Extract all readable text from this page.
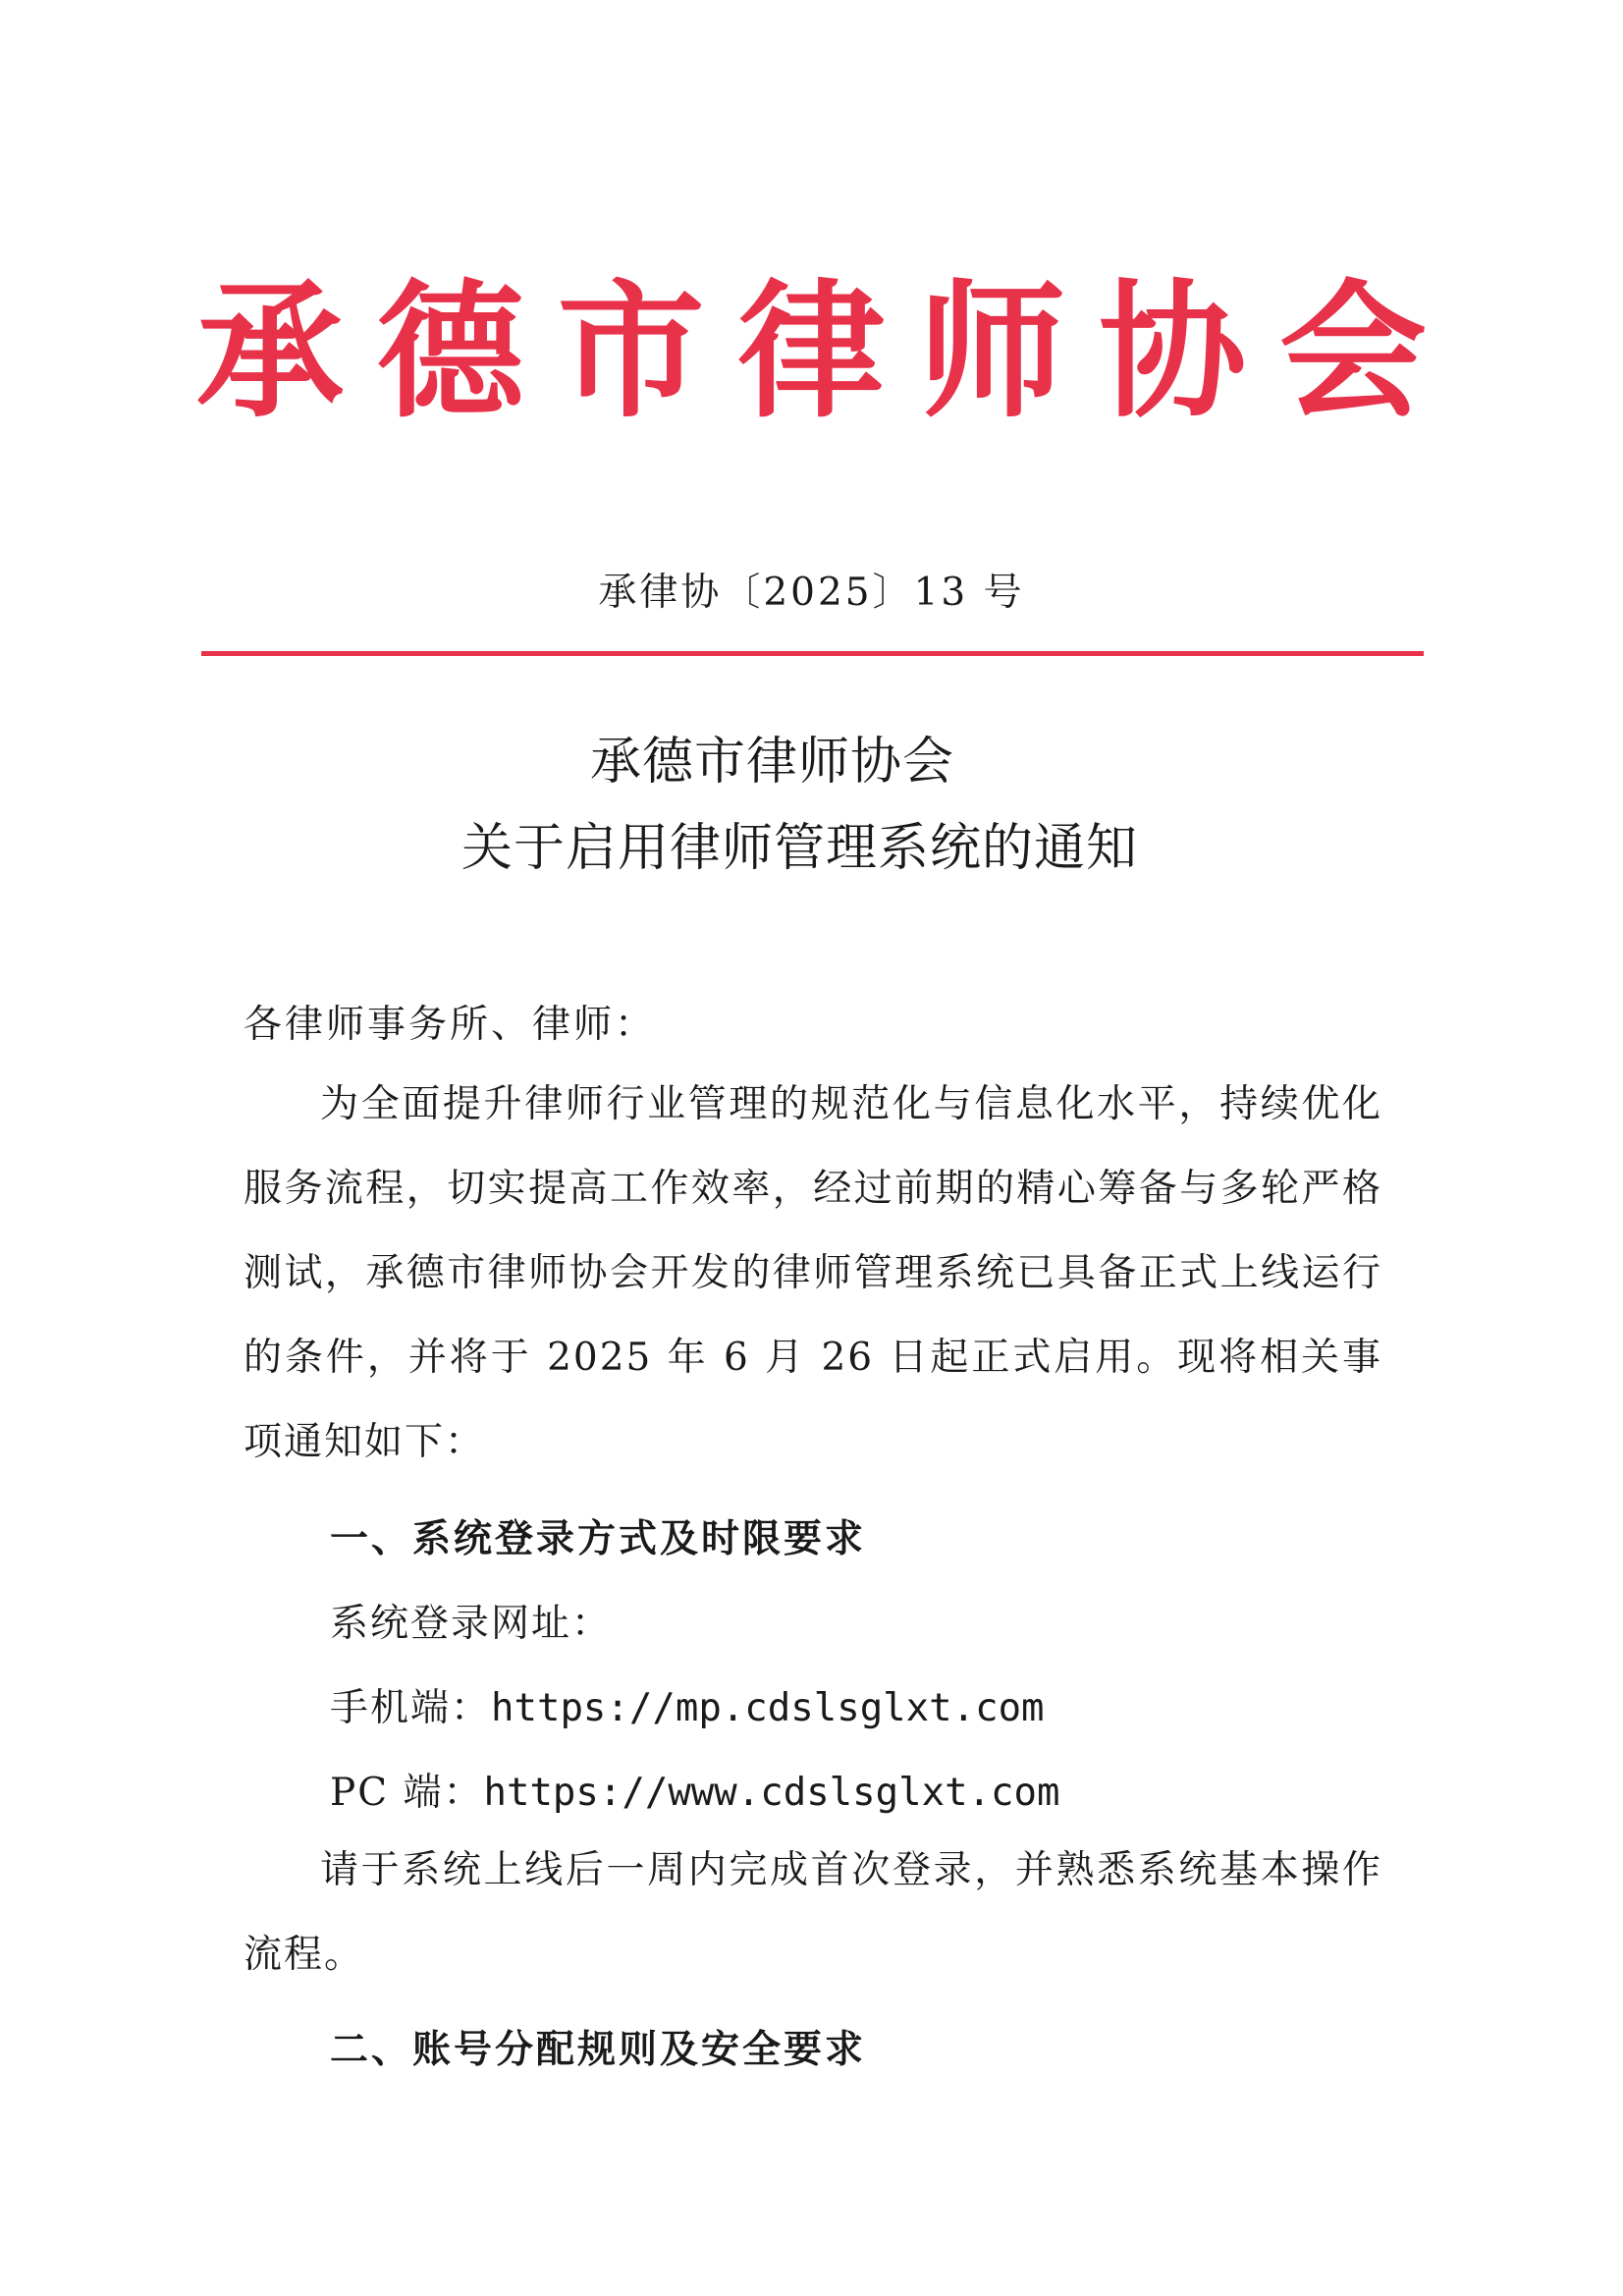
承 德 市 律 师 协 会
承律协〔2025〕13 号
承德市律师协会
关于启用律师管理系统的通知
各律师事务所、律师：
为全面提升律师行业管理的规范化与信息化水平，持续优化服务流程，切实提高工作效率，经过前期的精心筹备与多轮严格测试，承德市律师协会开发的律师管理系统已具备正式上线运行的条件，并将于 2025 年 6 月 26 日起正式启用。现将相关事项通知如下：
一、系统登录方式及时限要求
系统登录网址：
手机端：https://mp.cdslsglxt.com
PC 端：https://www.cdslsglxt.com
请于系统上线后一周内完成首次登录，并熟悉系统基本操作流程。
二、账号分配规则及安全要求
